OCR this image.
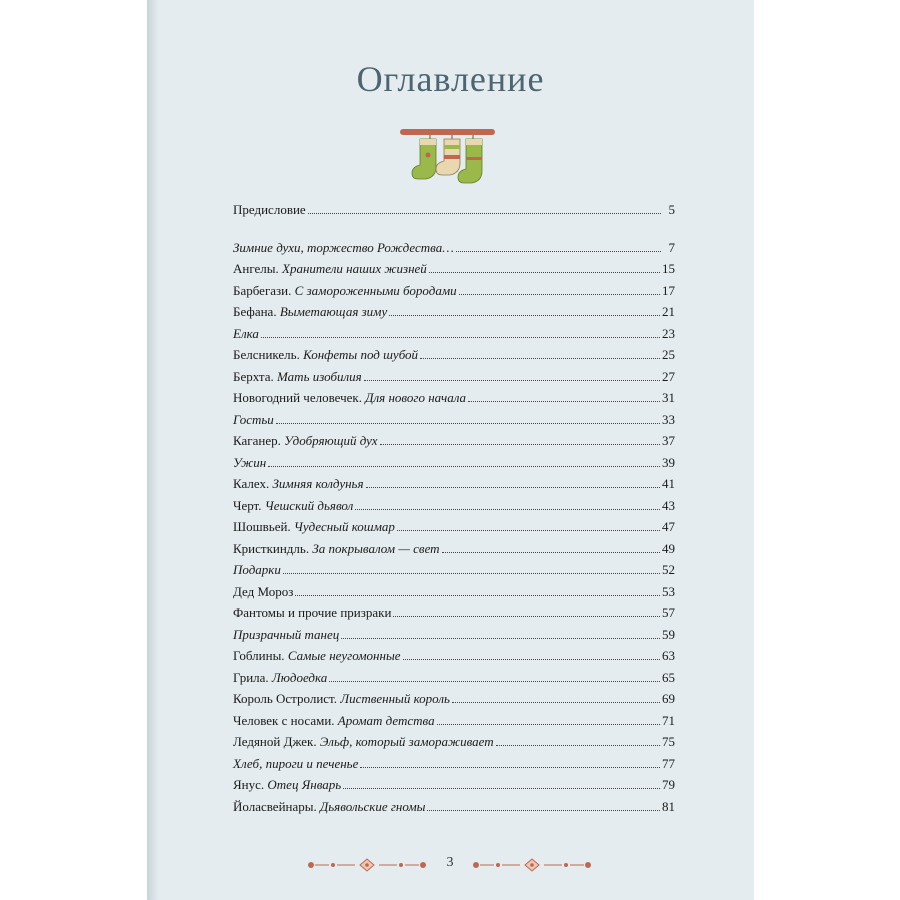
Оглавление
Предисловие	5
Зимние духи, торжество Рождества…	7
Ангелы. Хранители наших жизней	15
Барбегази. С замороженными бородами	17
Бефана. Выметающая зиму	21
Елка	23
Белсникель. Конфеты под шубой	25
Берхта. Мать изобилия	27
Новогодний человечек. Для нового начала	31
Гостьи	33
Каганер. Удобряющий дух	37
Ужин	39
Калех. Зимняя колдунья	41
Черт. Чешский дьявол	43
Шошвьей. Чудесный кошмар	47
Кристкиндль. За покрывалом — свет	49
Подарки	52
Дед Мороз	53
Фантомы и прочие призраки	57
Призрачный танец	59
Гоблины. Самые неугомонные	63
Грила. Людоедка	65
Король Остролист. Лиственный король	69
Человек с носами. Аромат детства	71
Ледяной Джек. Эльф, который замораживает	75
Хлеб, пироги и печенье	77
Янус. Отец Январь	79
Йоласвейнары. Дьявольские гномы	81
3
